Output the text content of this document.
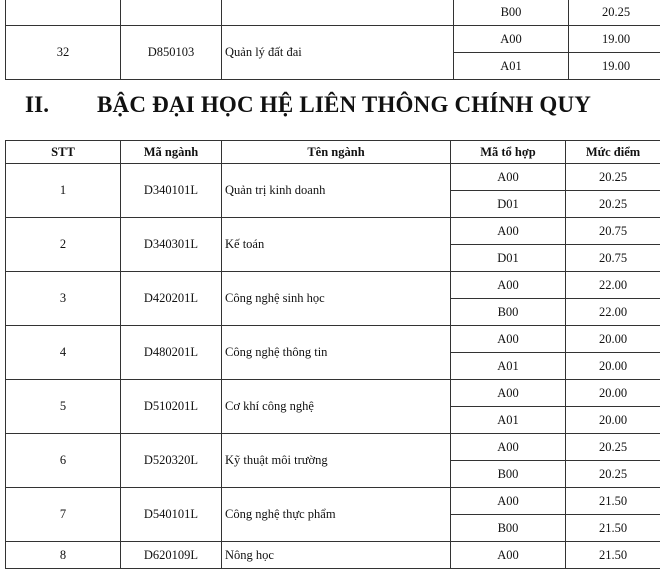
			B00	20.25
32	D850103	Quản lý đất đai	A00	19.00
			A01	19.00
II. BẬC ĐẠI HỌC HỆ LIÊN THÔNG CHÍNH QUY
STT	Mã ngành	Tên ngành	Mã tổ hợp	Mức điểm
1	D340101L	Quản trị kinh doanh	A00	20.25
			D01	20.25
2	D340301L	Kế toán	A00	20.75
			D01	20.75
3	D420201L	Công nghệ sinh học	A00	22.00
			B00	22.00
4	D480201L	Công nghệ thông tin	A00	20.00
			A01	20.00
5	D510201L	Cơ khí công nghệ	A00	20.00
			A01	20.00
6	D520320L	Kỹ thuật môi trường	A00	20.25
			B00	20.25
7	D540101L	Công nghệ thực phẩm	A00	21.50
			B00	21.50
8	D620109L	Nông học	A00	21.50
